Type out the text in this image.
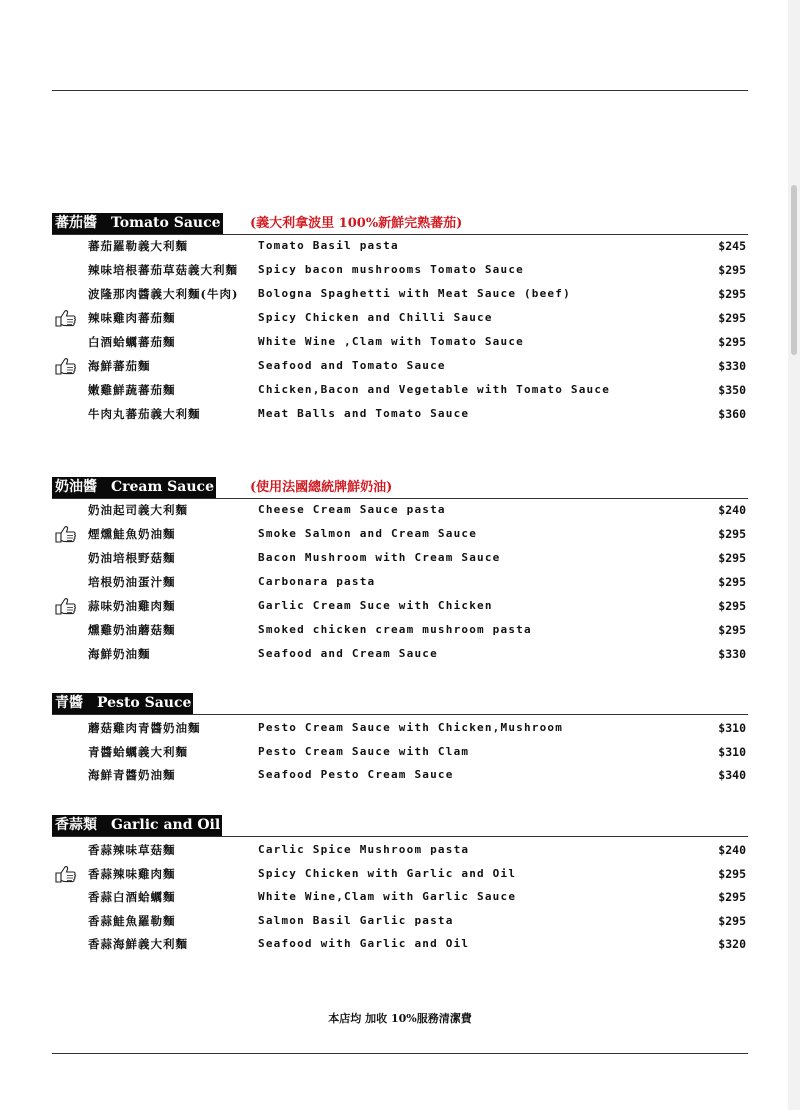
蕃茄醬 Tomato Sauce (義大利拿波里 100%新鮮完熟蕃茄)
奶油醬 Cream Sauce	(使用法國總統牌鮮奶油)
青醬 Pesto Sauce
香蒜類 Garlic and Oil
本店均 加收 10%服務清潔費
蕃茄羅勒義大利麵	Tomato Basil pasta	$245
辣味培根蕃茄草菇義大利麵 Spicy bacon mushrooms Tomato Sauce	$295
波隆那肉醬義大利麵(牛肉) Bologna Spaghetti with Meat Sauce (beef)	$295
辣味雞肉蕃茄麵	Spicy Chicken and Chilli Sauce	$295
白酒蛤蠣蕃茄麵	White Wine ,Clam with Tomato Sauce	$295
海鮮蕃茄麵	Seafood and Tomato Sauce	$330
嫩雞鮮蔬蕃茄麵	Chicken,Bacon and Vegetable with Tomato Sauce	$350
牛肉丸蕃茄義大利麵	Meat Balls and Tomato Sauce	$360
奶油起司義大利麵	Cheese Cream Sauce pasta	$240
煙燻鮭魚奶油麵	Smoke Salmon and Cream Sauce	$295
奶油培根野菇麵	Bacon Mushroom with Cream Sauce	$295
培根奶油蛋汁麵	Carbonara pasta	$295
蒜味奶油雞肉麵	Garlic Cream Suce with Chicken	$295
燻雞奶油蘑菇麵	Smoked chicken cream mushroom pasta	$295
海鮮奶油麵	Seafood and Cream Sauce	$330
蘑菇雞肉青醬奶油麵	Pesto Cream Sauce with Chicken,Mushroom	$310
青醬蛤蠣義大利麵	Pesto Cream Sauce with Clam	$310
海鮮青醬奶油麵	Seafood Pesto Cream Sauce	$340
香蒜辣味草菇麵	Carlic Spice Mushroom pasta	$240
香蒜辣味雞肉麵	Spicy Chicken with Garlic and Oil	$295
香蒜白酒蛤蠣麵	White Wine,Clam with Garlic Sauce	$295
香蒜鮭魚羅勒麵	Salmon Basil Garlic pasta	$295
香蒜海鮮義大利麵	Seafood with Garlic and Oil	$320
